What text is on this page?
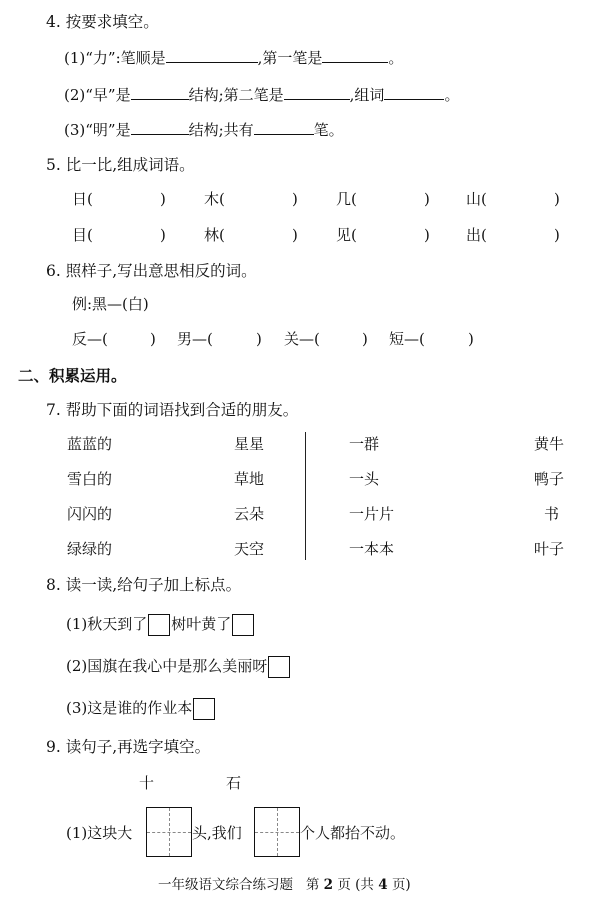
4. 按要求填空。
(1)“力”:笔顺是	,第一笔是	。
(2)“早”是	结构;第二笔是	,组词	。
(3)“明”是	结构;共有	笔。
5. 比一比,组成词语。
日(	)	木(	)	几(	) 山(	)
目(	)	林(	)	见(	) 出(	)
6. 照样子,写出意思相反的词。
例:黑—(白)
反—(	) 男—(	) 关—(	) 短—(	)
二、积累运用。
7. 帮助下面的词语找到合适的朋友。
蓝蓝的	星星	一群	黄牛
雪白的	草地	一头	鸭子
闪闪的	云朵	一片片	书
绿绿的	天空	一本本	叶子
8. 读一读,给句子加上标点。
(1)秋天到了 树叶黄了
(2)国旗在我心中是那么美丽呀
(3)这是谁的作业本
9. 读句子,再选字填空。
十	石
(1)这块大	头,我们	个人都抬不动。
一年级语文综合练习题 第 2 页 (共 4 页)
